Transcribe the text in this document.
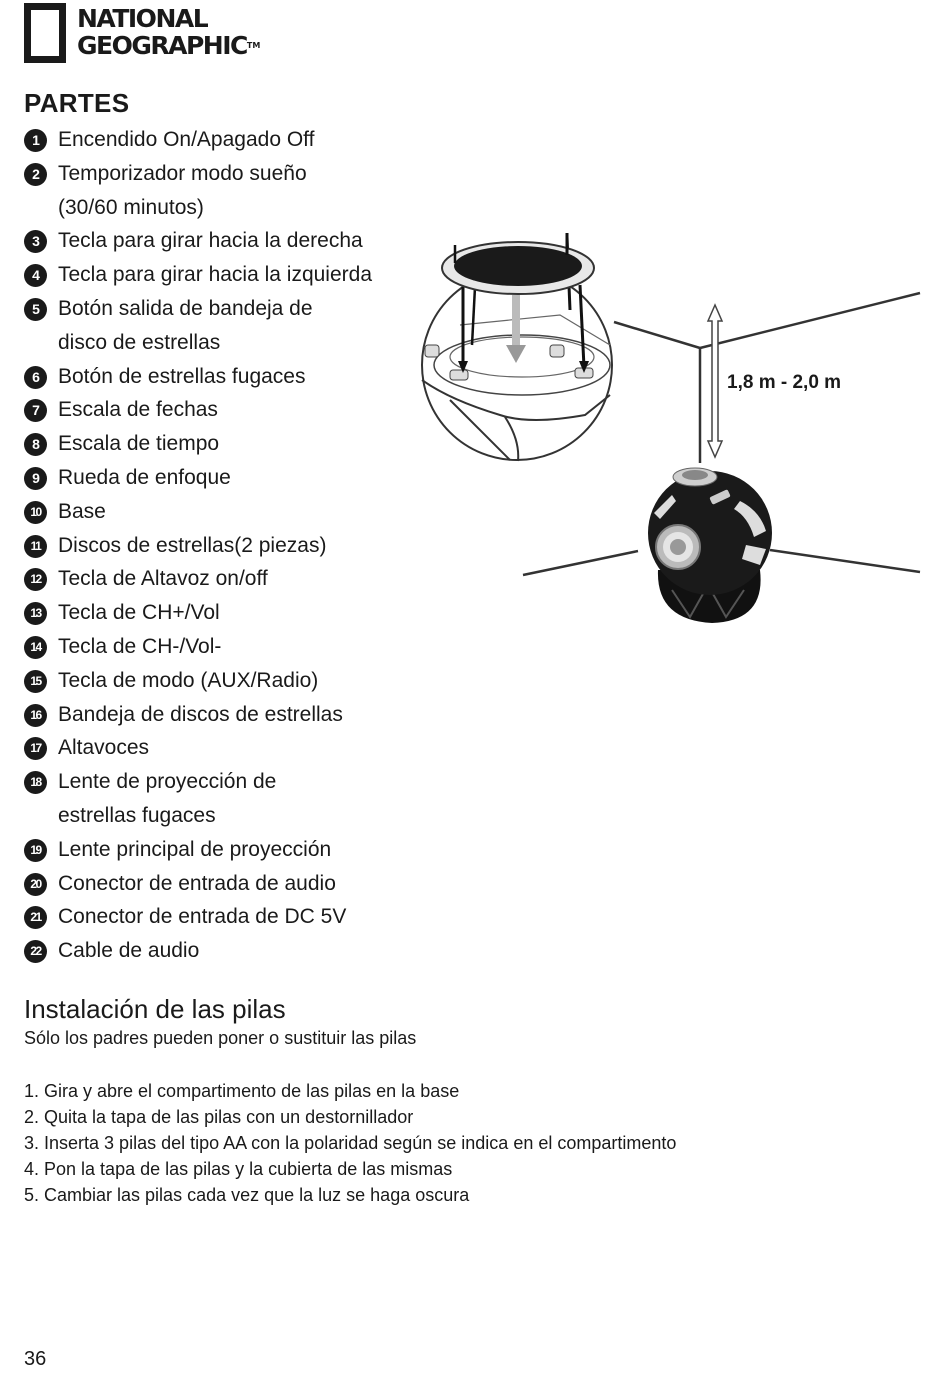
NATIONAL
GEOGRAPHIC™
PARTES
1 Encendido On/Apagado Off
2 Temporizador modo sueño (30/60 minutos)
3 Tecla para girar hacia la derecha
4 Tecla para girar hacia la izquierda
5 Botón salida de bandeja de disco de estrellas
6 Botón de estrellas fugaces
7 Escala de fechas
8 Escala de tiempo
9 Rueda de enfoque
10 Base
11 Discos de estrellas(2 piezas)
12 Tecla de Altavoz on/off
13 Tecla de CH+/Vol
14 Tecla de CH-/Vol-
15 Tecla de modo (AUX/Radio)
16 Bandeja de discos de estrellas
17 Altavoces
18 Lente de proyección de estrellas fugaces
19 Lente principal de proyección
20 Conector de entrada de audio
21 Conector de entrada de DC 5V
22 Cable de audio
1,8 m - 2,0 m
Instalación de las pilas
Sólo los padres pueden poner o sustituir las pilas
1. Gira y abre el compartimento de las pilas en la base
2. Quita la tapa de las pilas con un destornillador
3. Inserta 3 pilas del tipo AA con la polaridad según se indica en el compartimento
4. Pon la tapa de las pilas y la cubierta de las mismas
5. Cambiar las pilas cada vez que la luz se haga oscura
36
